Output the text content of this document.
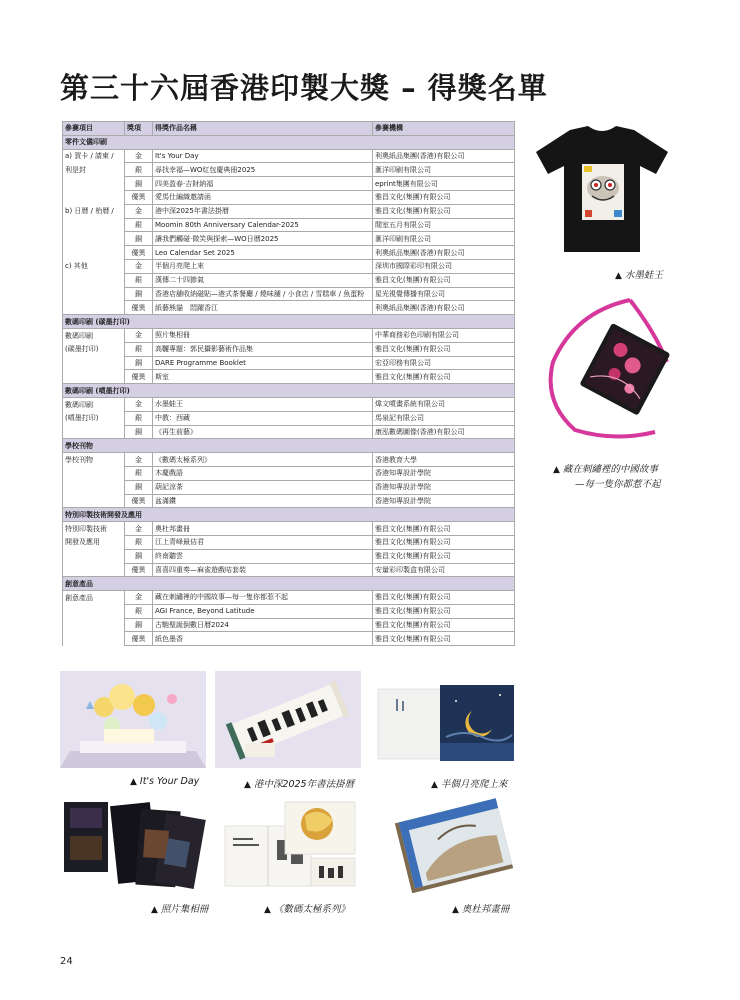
第三十六屆香港印製大獎 – 得獎名單
參賽項目	獎項	得獎作品名稱	參賽機構
零件文儀印刷			
a) 賀卡 / 請柬 /	金	It's Your Day	利奧紙品集團(香港)有限公司
利是封	銀	尋找幸福—WO紅包慶典冊2025	滙洋印刷有限公司
	銅	四美盈春‧吉財納福	eprint集團有限公司
	優異	愛馬仕編織邀請函	雅昌文化(集團)有限公司
b) 日曆 / 枱曆 /	金	港中深2025年書法掛曆	雅昌文化(集團)有限公司
	銀	Moomin 80th Anniversary Calendar-2025	閒室五月有限公司
	銅	讓我們觸碰‧微笑與探索—WO日曆2025	滙洋印刷有限公司
	優異	Leo Calendar Set 2025	利奧紙品集團(香港)有限公司
c) 其他	金	半個月亮爬上來	深圳市國際彩印有限公司
	銀	漢傳二十四節氣	雅昌文化(集團)有限公司
	銅	香港店舖收納磁貼—港式茶餐廳 / 燒味舖 / 小食店 / 雪糕車 / 魚蛋粉	星光視覺傳播有限公司
	優異	紙藝熊貓　悶躍香江	利奧紙品集團(香港)有限公司
數碼印刷 (碳墨打印)			
數碼印刷	金	照片集相冊	中華商務彩色印刷有限公司
(碳墨打印)	銀	高韆專題：郭民攝影藝術作品集	雅昌文化(集團)有限公司
	銅	DARE Programme Booklet	宏亞印務有限公司
	優異	斯室	雅昌文化(集團)有限公司
數碼印刷 (噴墨打印)			
數碼印刷	金	水墨蛙王	煒文噴畫系統有限公司
(噴墨打印)	銀	中教：西藏	馬泉記有限公司
	銅	《再生前藝》	康泓數碼圖像(香港)有限公司
學校刊物			
學校刊物	金	《數碼太極系列》	香港教育大學
	銀	木慶戲語	香港知專設計學院
	銅	葫記涼茶	香港知專設計學院
	優異	盆滿鑽	香港知專設計學院
特別印製技術開發及應用			
特別印製技術	金	奧杜邦畫冊	雅昌文化(集團)有限公司
開發及應用	銀	江上青峰最佶君	雅昌文化(集團)有限公司
	銅	終南聽雲	雅昌文化(集團)有限公司
	優異	喜喜四重奏—麻雀遊戲咭套裝	安量彩印製盒有限公司
創意產品			
創意產品	金	藏在刺繡裡的中國故事—每一隻你都惹不起	雅昌文化(集團)有限公司
	銀	AGI France, Beyond Latitude	雅昌文化(集團)有限公司
	銅	古馳聖誕倒數日曆2024	雅昌文化(集團)有限公司
	優異	紙色墨香	雅昌文化(集團)有限公司
▲ 水墨蛙王
▲ 藏在刺繡裡的中國故事
—每一隻你都惹不起
▲ It's Your Day	▲ 港中深2025年書法掛曆	▲ 半個月亮爬上來
▲ 照片集相冊	▲ 《數碼太極系列》	▲ 奧杜邦畫冊
24
